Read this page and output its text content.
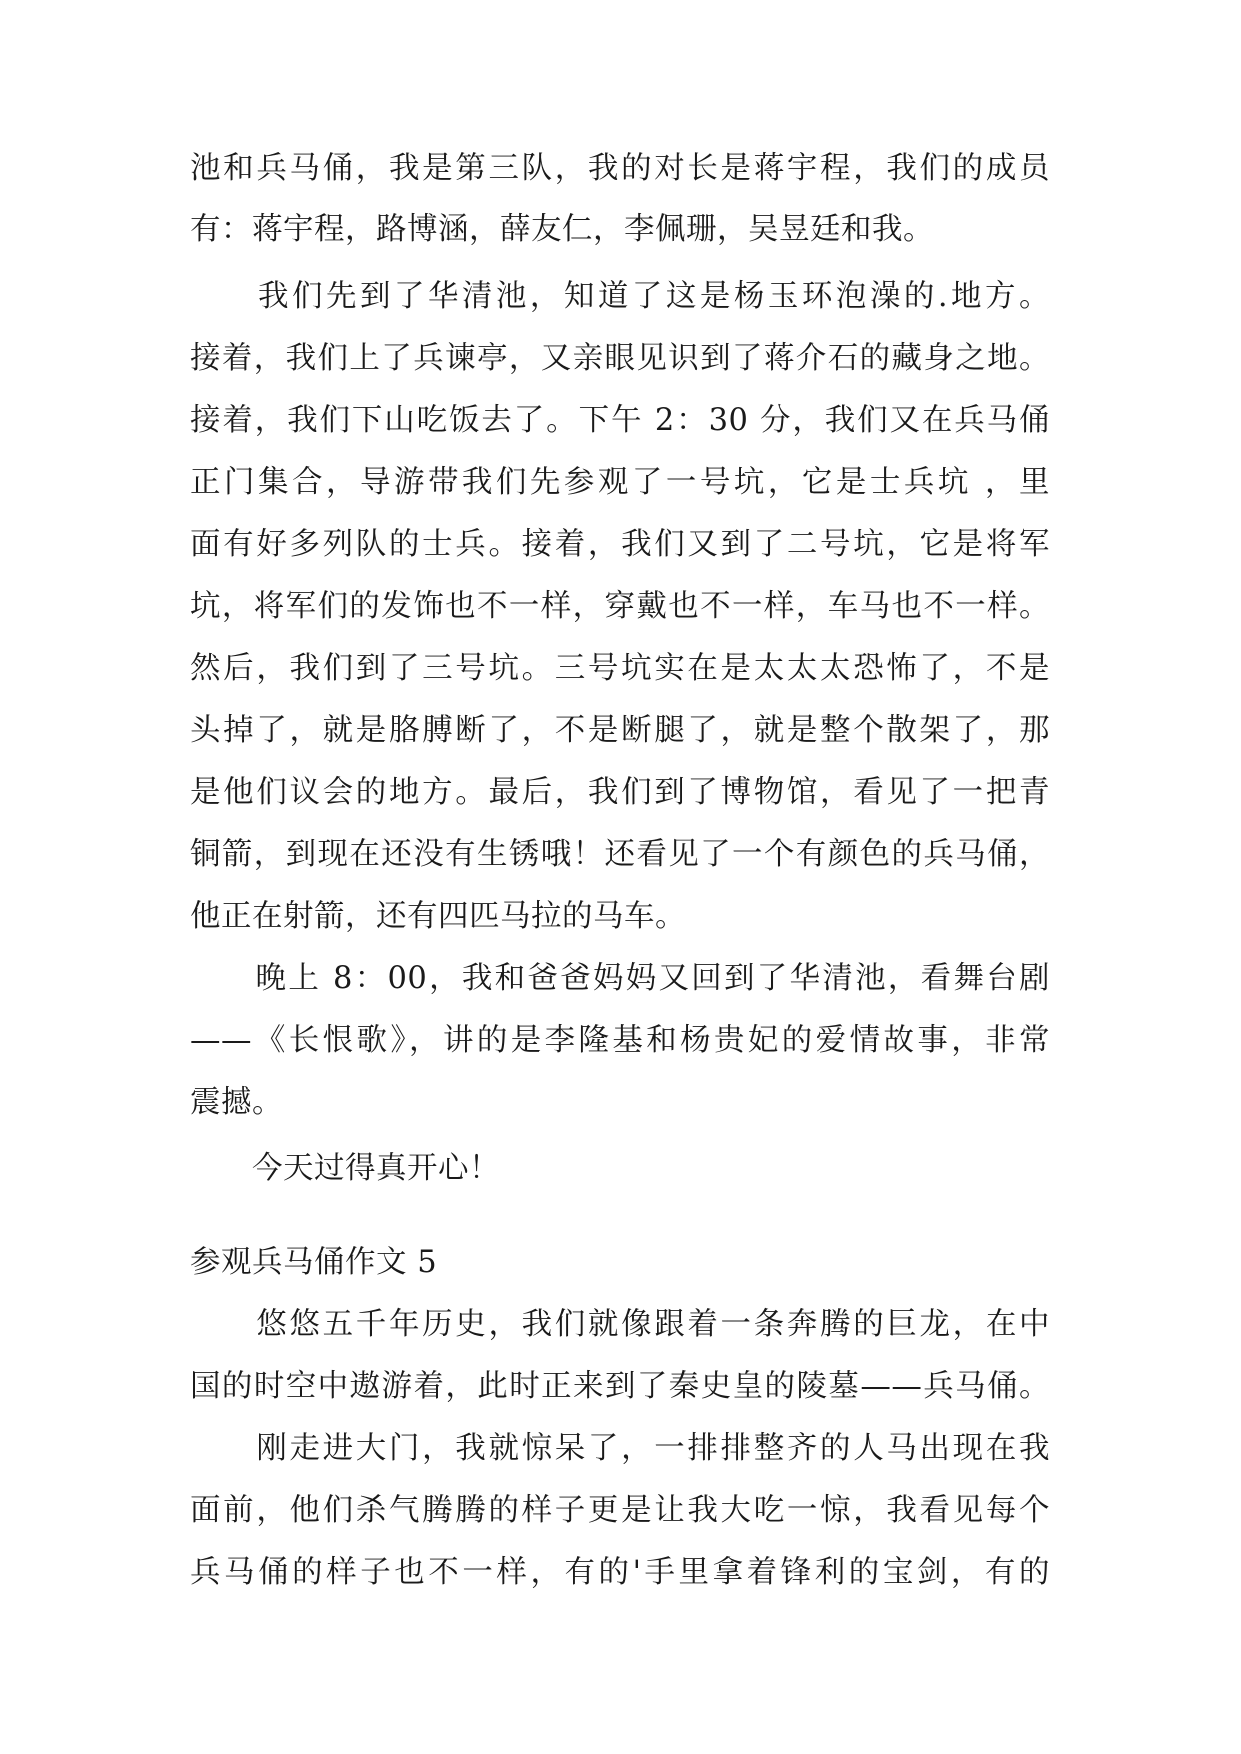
池和兵马俑，我是第三队，我的对长是蒋宇程，我们的成员
有：蒋宇程，路博涵，薛友仁，李佩珊，吴昱廷和我。
　　我们先到了华清池，知道了这是杨玉环泡澡的.地方。
接着，我们上了兵谏亭，又亲眼见识到了蒋介石的藏身之地。
接着，我们下山吃饭去了。下午 2：30 分，我们又在兵马俑
正门集合，导游带我们先参观了一号坑，它是士兵坑 ，里
面有好多列队的士兵。接着，我们又到了二号坑，它是将军
坑，将军们的发饰也不一样，穿戴也不一样，车马也不一样。
然后，我们到了三号坑。三号坑实在是太太太恐怖了，不是
头掉了，就是胳膊断了，不是断腿了，就是整个散架了，那
是他们议会的地方。最后，我们到了博物馆，看见了一把青
铜箭，到现在还没有生锈哦！还看见了一个有颜色的兵马俑，
他正在射箭，还有四匹马拉的马车。
　　晚上 8：00，我和爸爸妈妈又回到了华清池，看舞台剧
——《长恨歌》，讲的是李隆基和杨贵妃的爱情故事，非常
震撼。
　　今天过得真开心！
参观兵马俑作文 5
　　悠悠五千年历史，我们就像跟着一条奔腾的巨龙，在中
国的时空中遨游着，此时正来到了秦史皇的陵墓——兵马俑。
　　刚走进大门，我就惊呆了，一排排整齐的人马出现在我
面前，他们杀气腾腾的样子更是让我大吃一惊，我看见每个
兵马俑的样子也不一样，有的'手里拿着锋利的宝剑，有的
